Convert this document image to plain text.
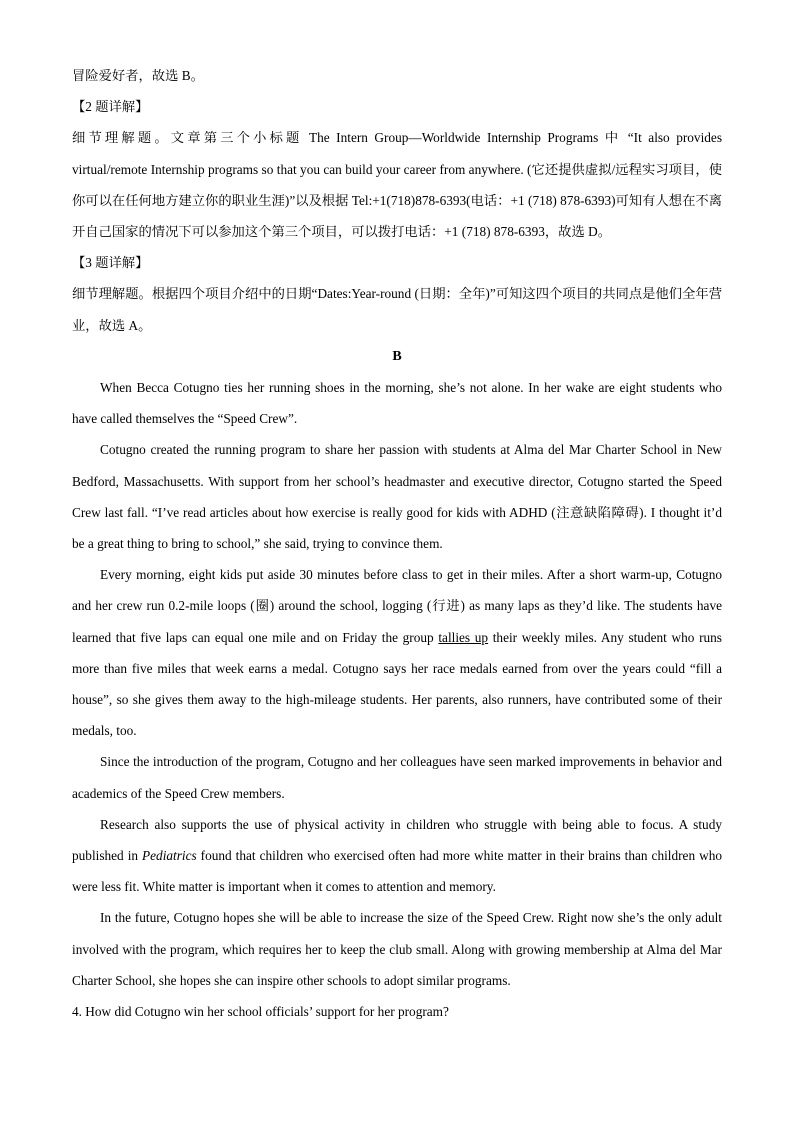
冒险爱好者，故选 B。

【2 题详解】

细节理解题。文章第三个小标题 The Intern Group—Worldwide Internship Programs 中 “It also provides virtual/remote Internship programs so that you can build your career from anywhere. (它还提供虚拟/远程实习项目，使你可以在任何地方建立你的职业生涯)”以及根据 Tel:+1(718)878-6393(电话：+1 (718) 878-6393)可知有人想在不离开自己国家的情况下可以参加这个第三个项目，可以拨打电话：+1 (718) 878-6393，故选 D。

【3 题详解】

细节理解题。根据四个项目介绍中的日期“Dates:Year-round (日期：全年)”可知这四个项目的共同点是他们全年营业，故选 A。

B

When Becca Cotugno ties her running shoes in the morning, she’s not alone. In her wake are eight students who have called themselves the “Speed Crew”.

Cotugno created the running program to share her passion with students at Alma del Mar Charter School in New Bedford, Massachusetts. With support from her school’s headmaster and executive director, Cotugno started the Speed Crew last fall. “I’ve read articles about how exercise is really good for kids with ADHD (注意缺陷障碍). I thought it’d be a great thing to bring to school,” she said, trying to convince them.

Every morning, eight kids put aside 30 minutes before class to get in their miles. After a short warm-up, Cotugno and her crew run 0.2-mile loops (圈) around the school, logging (行进) as many laps as they’d like. The students have learned that five laps can equal one mile and on Friday the group tallies up their weekly miles. Any student who runs more than five miles that week earns a medal. Cotugno says her race medals earned from over the years could “fill a house”, so she gives them away to the high-mileage students. Her parents, also runners, have contributed some of their medals, too.

Since the introduction of the program, Cotugno and her colleagues have seen marked improvements in behavior and academics of the Speed Crew members.

Research also supports the use of physical activity in children who struggle with being able to focus. A study published in Pediatrics found that children who exercised often had more white matter in their brains than children who were less fit. White matter is important when it comes to attention and memory.

In the future, Cotugno hopes she will be able to increase the size of the Speed Crew. Right now she’s the only adult involved with the program, which requires her to keep the club small. Along with growing membership at Alma del Mar Charter School, she hopes she can inspire other schools to adopt similar programs.

4. How did Cotugno win her school officials’ support for her program?
